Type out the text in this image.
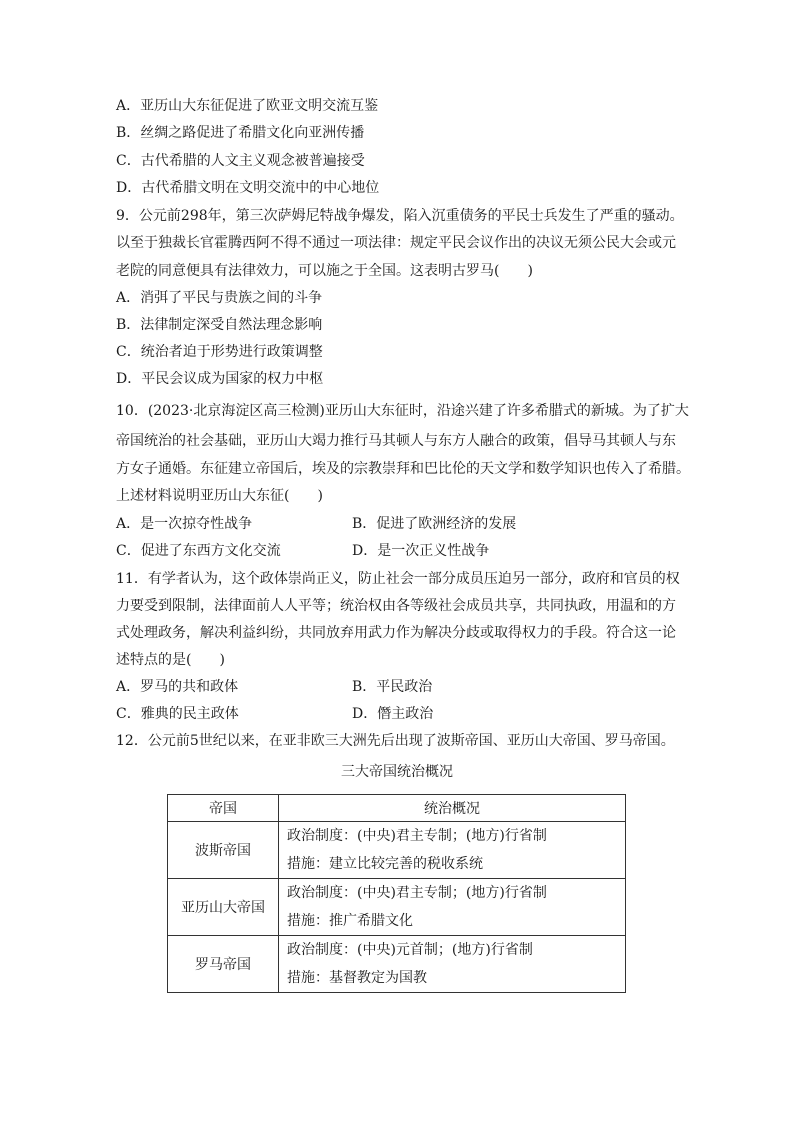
A．亚历山大东征促进了欧亚文明交流互鉴
B．丝绸之路促进了希腊文化向亚洲传播
C．古代希腊的人文主义观念被普遍接受
D．古代希腊文明在文明交流中的中心地位
9．公元前298年，第三次萨姆尼特战争爆发，陷入沉重债务的平民士兵发生了严重的骚动。
以至于独裁长官霍腾西阿不得不通过一项法律：规定平民会议作出的决议无须公民大会或元
老院的同意便具有法律效力，可以施之于全国。这表明古罗马(　　)
A．消弭了平民与贵族之间的斗争
B．法律制定深受自然法理念影响
C．统治者迫于形势进行政策调整
D．平民会议成为国家的权力中枢
10．(2023·北京海淀区高三检测)亚历山大东征时，沿途兴建了许多希腊式的新城。为了扩大
帝国统治的社会基础，亚历山大竭力推行马其顿人与东方人融合的政策，倡导马其顿人与东
方女子通婚。东征建立帝国后，埃及的宗教崇拜和巴比伦的天文学和数学知识也传入了希腊。
上述材料说明亚历山大东征(　　)
A．是一次掠夺性战争	B．促进了欧洲经济的发展
C．促进了东西方文化交流	D．是一次正义性战争
11．有学者认为，这个政体崇尚正义，防止社会一部分成员压迫另一部分，政府和官员的权
力要受到限制，法律面前人人平等；统治权由各等级社会成员共享，共同执政，用温和的方
式处理政务，解决利益纠纷，共同放弃用武力作为解决分歧或取得权力的手段。符合这一论
述特点的是(　　)
A．罗马的共和政体	B．平民政治
C．雅典的民主政体	D．僭主政治
12．公元前5世纪以来，在亚非欧三大洲先后出现了波斯帝国、亚历山大帝国、罗马帝国。
三大帝国统治概况
帝国	统治概况
波斯帝国	政治制度：(中央)君主专制；(地方)行省制
措施：建立比较完善的税收系统

亚历山大帝国	政治制度：(中央)君主专制；(地方)行省制
措施：推广希腊文化

罗马帝国	政治制度：(中央)元首制；(地方)行省制
措施：基督教定为国教
